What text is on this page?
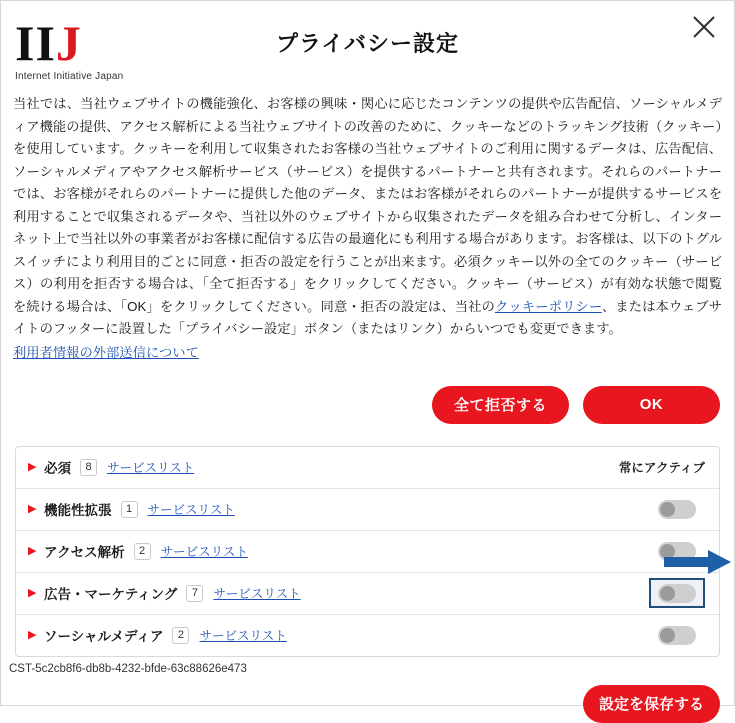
IIJ
Internet Initiative Japan
プライバシー設定

当社では、当社ウェブサイトの機能強化、お客様の興味・関心に応じたコンテンツの提供や広告配信、ソーシャルメディア機能の提供、アクセス解析による当社ウェブサイトの改善のために、クッキーなどのトラッキング技術（クッキー）を使用しています。クッキーを利用して収集されたお客様の当社ウェブサイトのご利用に関するデータは、広告配信、ソーシャルメディアやアクセス解析サービス（サービス）を提供するパートナーと共有されます。それらのパートナーでは、お客様がそれらのパートナーに提供した他のデータ、またはお客様がそれらのパートナーが提供するサービスを利用することで収集されるデータや、当社以外のウェブサイトから収集されたデータを組み合わせて分析し、インターネット上で当社以外の事業者がお客様に配信する広告の最適化にも利用する場合があります。お客様は、以下のトグルスイッチにより利用目的ごとに同意・拒否の設定を行うことが出来ます。必須クッキー以外の全てのクッキー（サービス）の利用を拒否する場合は、「全て拒否する」をクリックしてください。クッキー（サービス）が有効な状態で閲覧を続ける場合は、「OK」をクリックしてください。同意・拒否の設定は、当社のクッキーポリシー、または本ウェブサイトのフッターに設置した「プライバシー設定」ボタン（またはリンク）からいつでも変更できます。

利用者情報の外部送信について
全て拒否する	OK
▶ 必須	8	サービスリスト	常にアクティブ
▶ 機能性拡張	1	サービスリスト
▶ アクセス解析	2	サービスリスト
▶ 広告・マーケティング	7	サービスリスト
▶ ソーシャルメディア	2	サービスリスト
CST-5c2cb8f6-db8b-4232-bfde-63c88626e473
設定を保存する
